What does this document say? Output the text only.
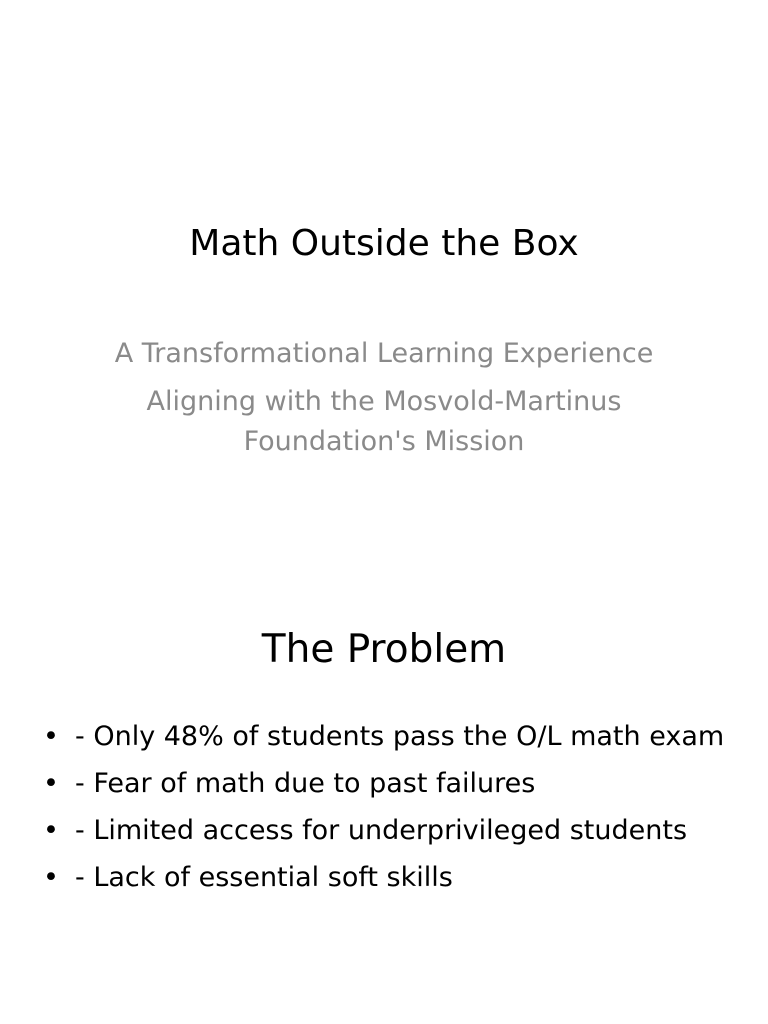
Math Outside the Box
A Transformational Learning Experience
Aligning with the Mosvold-Martinus Foundation's Mission
The Problem
• - Only 48% of students pass the O/L math exam
• - Fear of math due to past failures
• - Limited access for underprivileged students
• - Lack of essential soft skills
